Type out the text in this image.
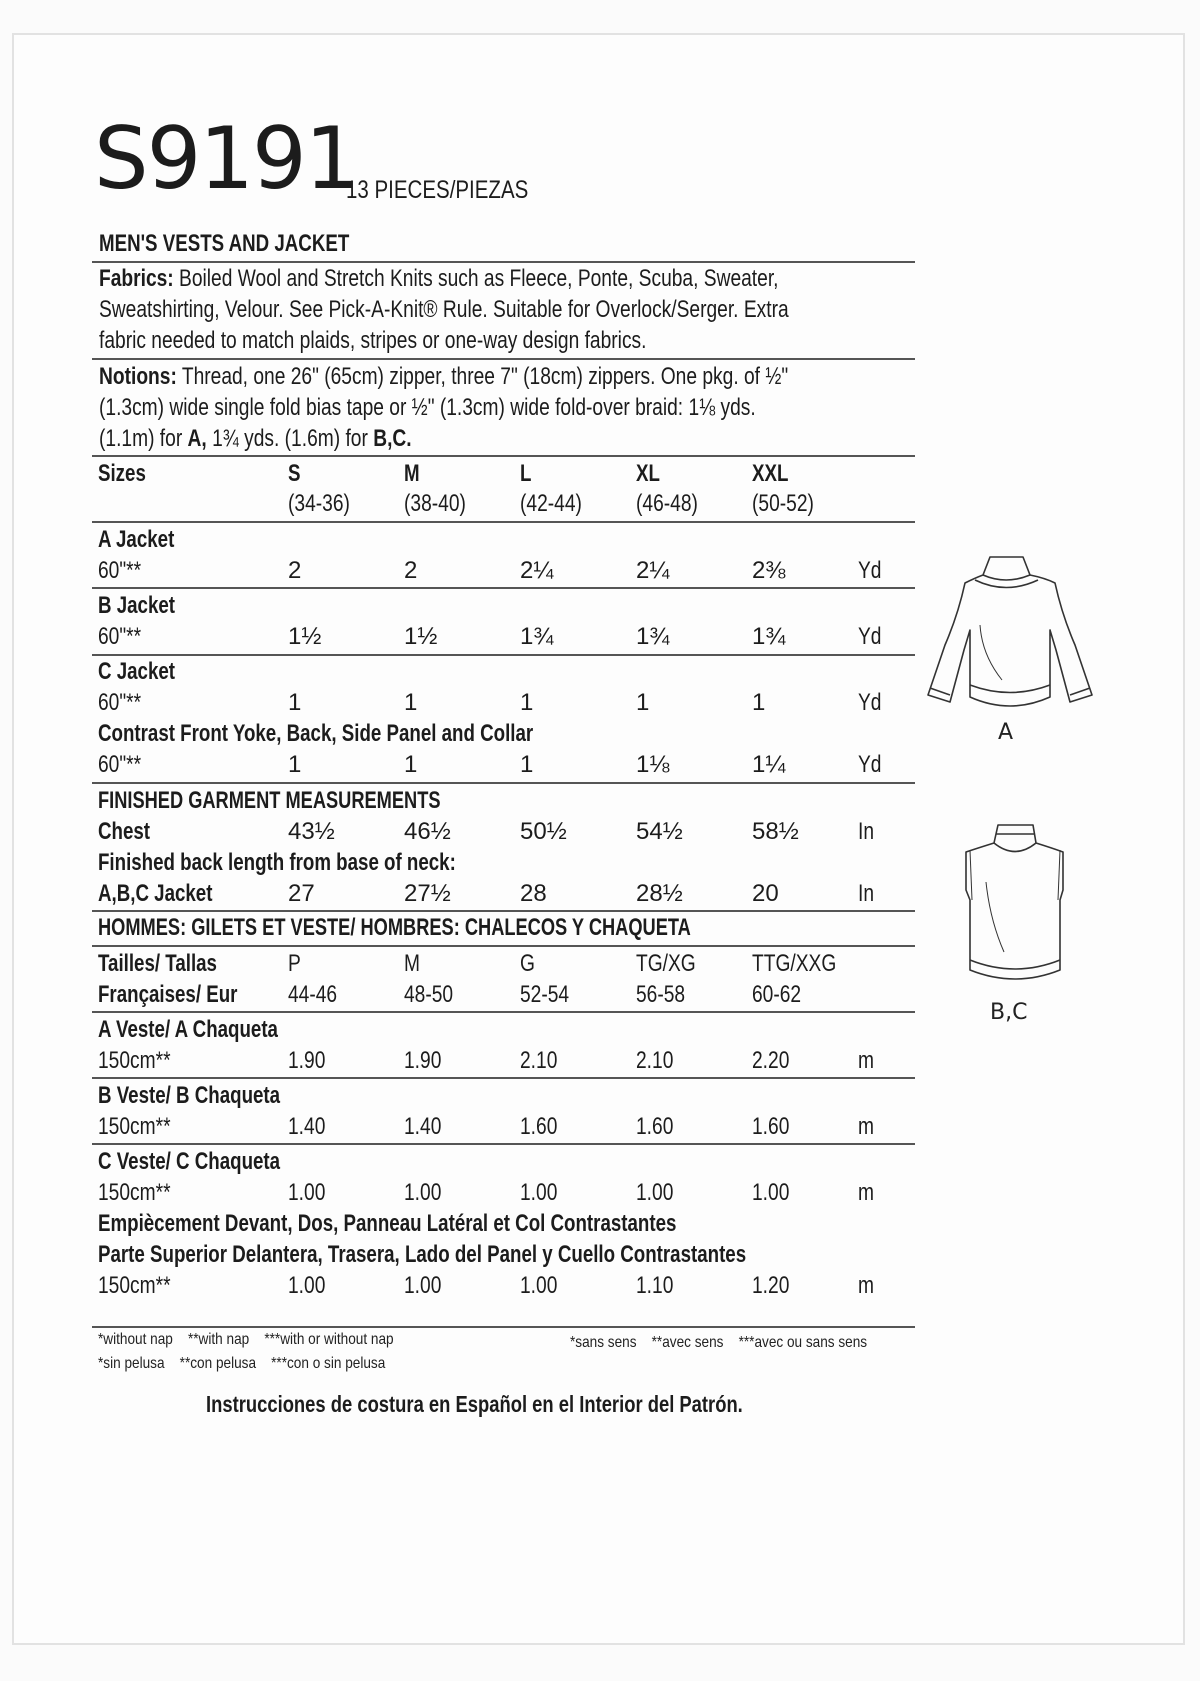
S9191
13 PIECES/PIEZAS
MEN'S VESTS AND JACKET
Fabrics: Boiled Wool and Stretch Knits such as Fleece, Ponte, Scuba, Sweater,
Sweatshirting, Velour. See Pick-A-Knit® Rule. Suitable for Overlock/Serger. Extra
fabric needed to match plaids, stripes or one-way design fabrics.
Notions: Thread, one 26" (65cm) zipper, three 7" (18cm) zippers. One pkg. of ½"
(1.3cm) wide single fold bias tape or ½" (1.3cm) wide fold-over braid: 1⅛ yds.
(1.1m) for A, 1¾ yds. (1.6m) for B,C.
Sizes	S	M	L	XL	XXL
(34-36)	(38-40)	(42-44)	(46-48)	(50-52)
A Jacket
60"**	2	2	2¼	2¼	2⅜	Yd
B Jacket
60"**	1½	1½	1¾	1¾	1¾	Yd
C Jacket
60"**	1	1	1	1	1	Yd
Contrast Front Yoke, Back, Side Panel and Collar
60"**	1	1	1	1⅛	1¼	Yd
FINISHED GARMENT MEASUREMENTS
Chest	43½	46½	50½	54½	58½ In
Finished back length from base of neck:
A,B,C Jacket	27	27½	28	28½	20	In
HOMMES: GILETS ET VESTE/ HOMBRES: CHALECOS Y CHAQUETA
Tailles/ Tallas	P	M	G	TG/XG	TTG/XXG
Françaises/ Eur	44-46	48-50	52-54	56-58	60-62
A Veste/ A Chaqueta
150cm**	1.90	1.90	2.10	2.10	2.20	m
B Veste/ B Chaqueta
150cm**	1.40	1.40	1.60	1.60	1.60	m
C Veste/ C Chaqueta
150cm**	1.00	1.00	1.00	1.00	1.00	m
Empiècement Devant, Dos, Panneau Latéral et Col Contrastantes
Parte Superior Delantera, Trasera, Lado del Panel y Cuello Contrastantes
150cm**	1.00	1.00	1.00	1.10	1.20	m
*without nap **with nap ***with or without nap
*sin pelusa **con pelusa ***con o sin pelusa
*sans sens **avec sens ***avec ou sans sens
Instrucciones de costura en Español en el Interior del Patrón.
A
B,C
